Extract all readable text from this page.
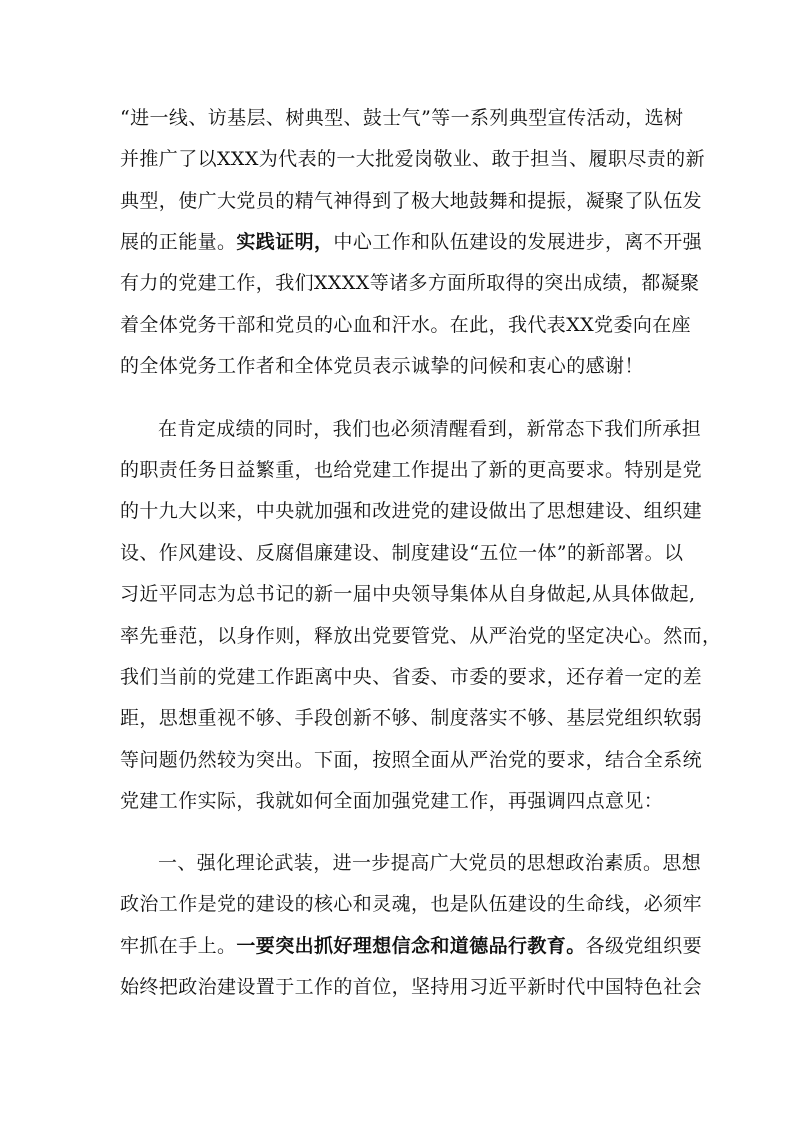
“进一线、访基层、树典型、鼓士气”等一系列典型宣传活动，选树
并推广了以XXX为代表的一大批爱岗敬业、敢于担当、履职尽责的新
典型，使广大党员的精气神得到了极大地鼓舞和提振，凝聚了队伍发
展的正能量。实践证明，中心工作和队伍建设的发展进步，离不开强
有力的党建工作，我们XXXX等诸多方面所取得的突出成绩，都凝聚
着全体党务干部和党员的心血和汗水。在此，我代表XX党委向在座
的全体党务工作者和全体党员表示诚挚的问候和衷心的感谢！
在肯定成绩的同时，我们也必须清醒看到，新常态下我们所承担
的职责任务日益繁重，也给党建工作提出了新的更高要求。特别是党
的十九大以来，中央就加强和改进党的建设做出了思想建设、组织建
设、作风建设、反腐倡廉建设、制度建设“五位一体”的新部署。以
习近平同志为总书记的新一届中央领导集体从自身做起,从具体做起,
率先垂范，以身作则，释放出党要管党、从严治党的坚定决心。然而，
我们当前的党建工作距离中央、省委、市委的要求，还存着一定的差
距，思想重视不够、手段创新不够、制度落实不够、基层党组织软弱
等问题仍然较为突出。下面，按照全面从严治党的要求，结合全系统
党建工作实际，我就如何全面加强党建工作，再强调四点意见：
一、强化理论武装，进一步提高广大党员的思想政治素质。思想
政治工作是党的建设的核心和灵魂，也是队伍建设的生命线，必须牢
牢抓在手上。一要突出抓好理想信念和道德品行教育。各级党组织要
始终把政治建设置于工作的首位，坚持用习近平新时代中国特色社会
